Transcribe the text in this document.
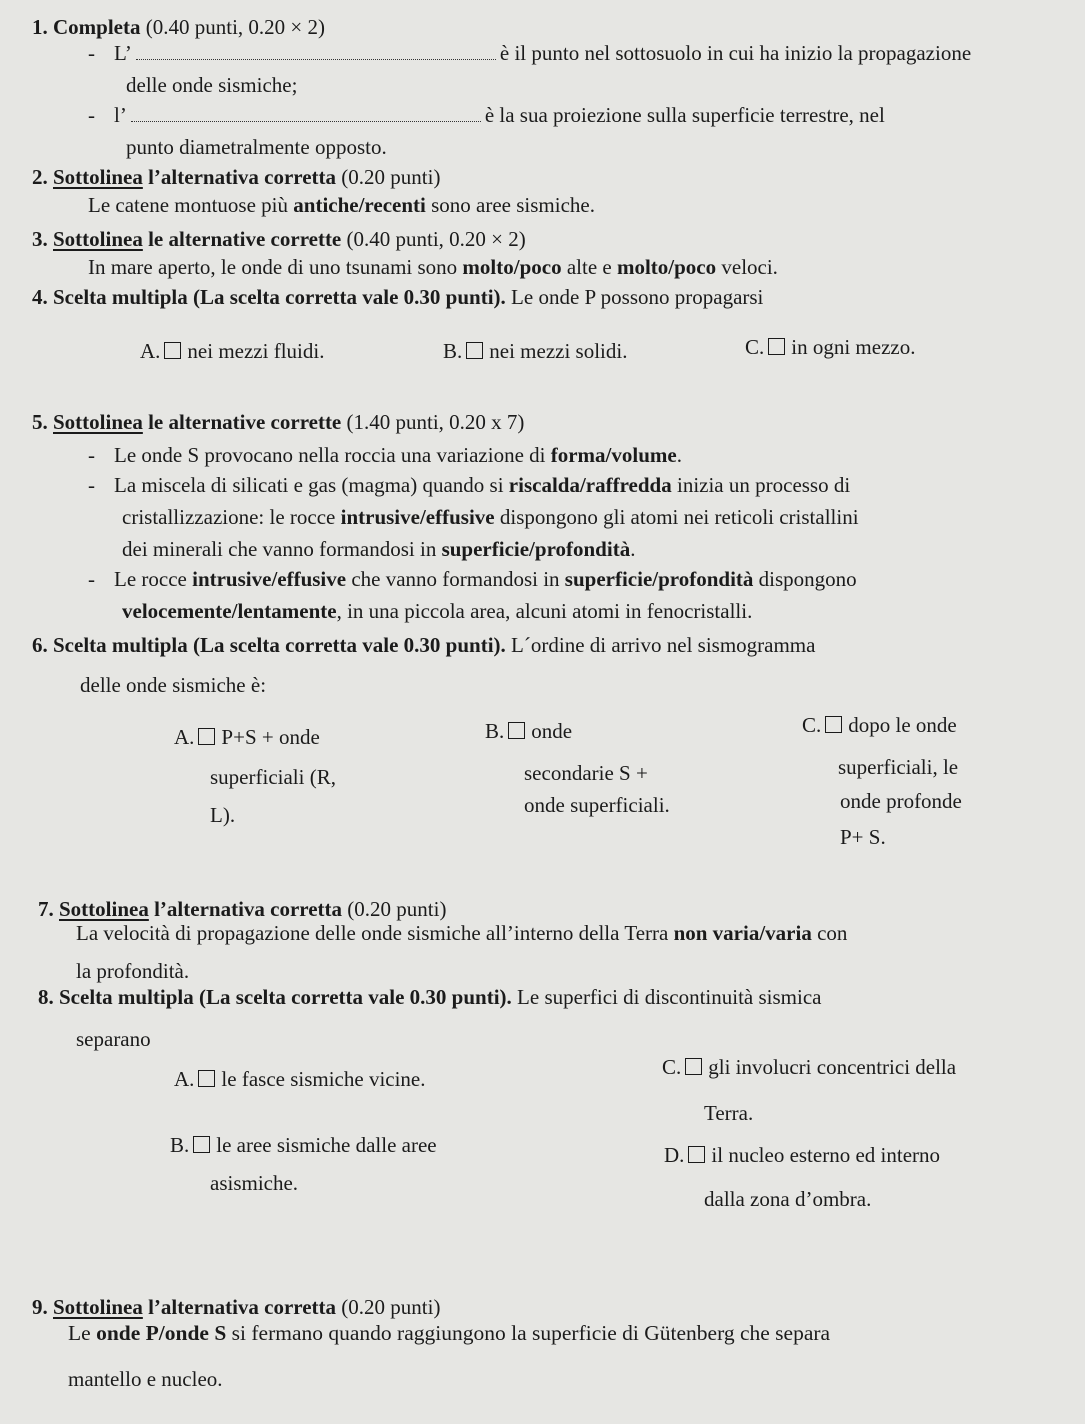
1. Completa (0.40 punti, 0.20 × 2)
- L’	è il punto nel sottosuolo in cui ha inizio la propagazione
delle onde sismiche;
- l’	è la sua proiezione sulla superficie terrestre, nel
punto diametralmente opposto.
2. Sottolinea l’alternativa corretta (0.20 punti)
Le catene montuose più antiche/recenti sono aree sismiche.
3. Sottolinea le alternative corrette (0.40 punti, 0.20 × 2)
In mare aperto, le onde di uno tsunami sono molto/poco alte e molto/poco veloci.
4. Scelta multipla (La scelta corretta vale 0.30 punti). Le onde P possono propagarsi
A. nei mezzi fluidi.	B. nei mezzi solidi.	C. in ogni mezzo.
5. Sottolinea le alternative corrette (1.40 punti, 0.20 x 7)
- Le onde S provocano nella roccia una variazione di forma/volume.
- La miscela di silicati e gas (magma) quando si riscalda/raffredda inizia un processo di
cristallizzazione: le rocce intrusive/effusive dispongono gli atomi nei reticoli cristallini
dei minerali che vanno formandosi in superficie/profondità.
- Le rocce intrusive/effusive che vanno formandosi in superficie/profondità dispongono
velocemente/lentamente, in una piccola area, alcuni atomi in fenocristalli.
6. Scelta multipla (La scelta corretta vale 0.30 punti). L´ordine di arrivo nel sismogramma
delle onde sismiche è:
A. P+S + onde
superficiali (R,
L).
B. onde
secondarie S +
onde superficiali.
C. dopo le onde
superficiali, le
onde profonde
P+ S.
7. Sottolinea l’alternativa corretta (0.20 punti)
La velocità di propagazione delle onde sismiche all’interno della Terra non varia/varia con
la profondità.
8. Scelta multipla (La scelta corretta vale 0.30 punti). Le superfici di discontinuità sismica
separano
A. le fasce sismiche vicine.
B. le aree sismiche dalle aree
asismiche.
C. gli involucri concentrici della
Terra.
D. il nucleo esterno ed interno
dalla zona d’ombra.
9. Sottolinea l’alternativa corretta (0.20 punti)
Le onde P/onde S si fermano quando raggiungono la superficie di Gütenberg che separa
mantello e nucleo.
